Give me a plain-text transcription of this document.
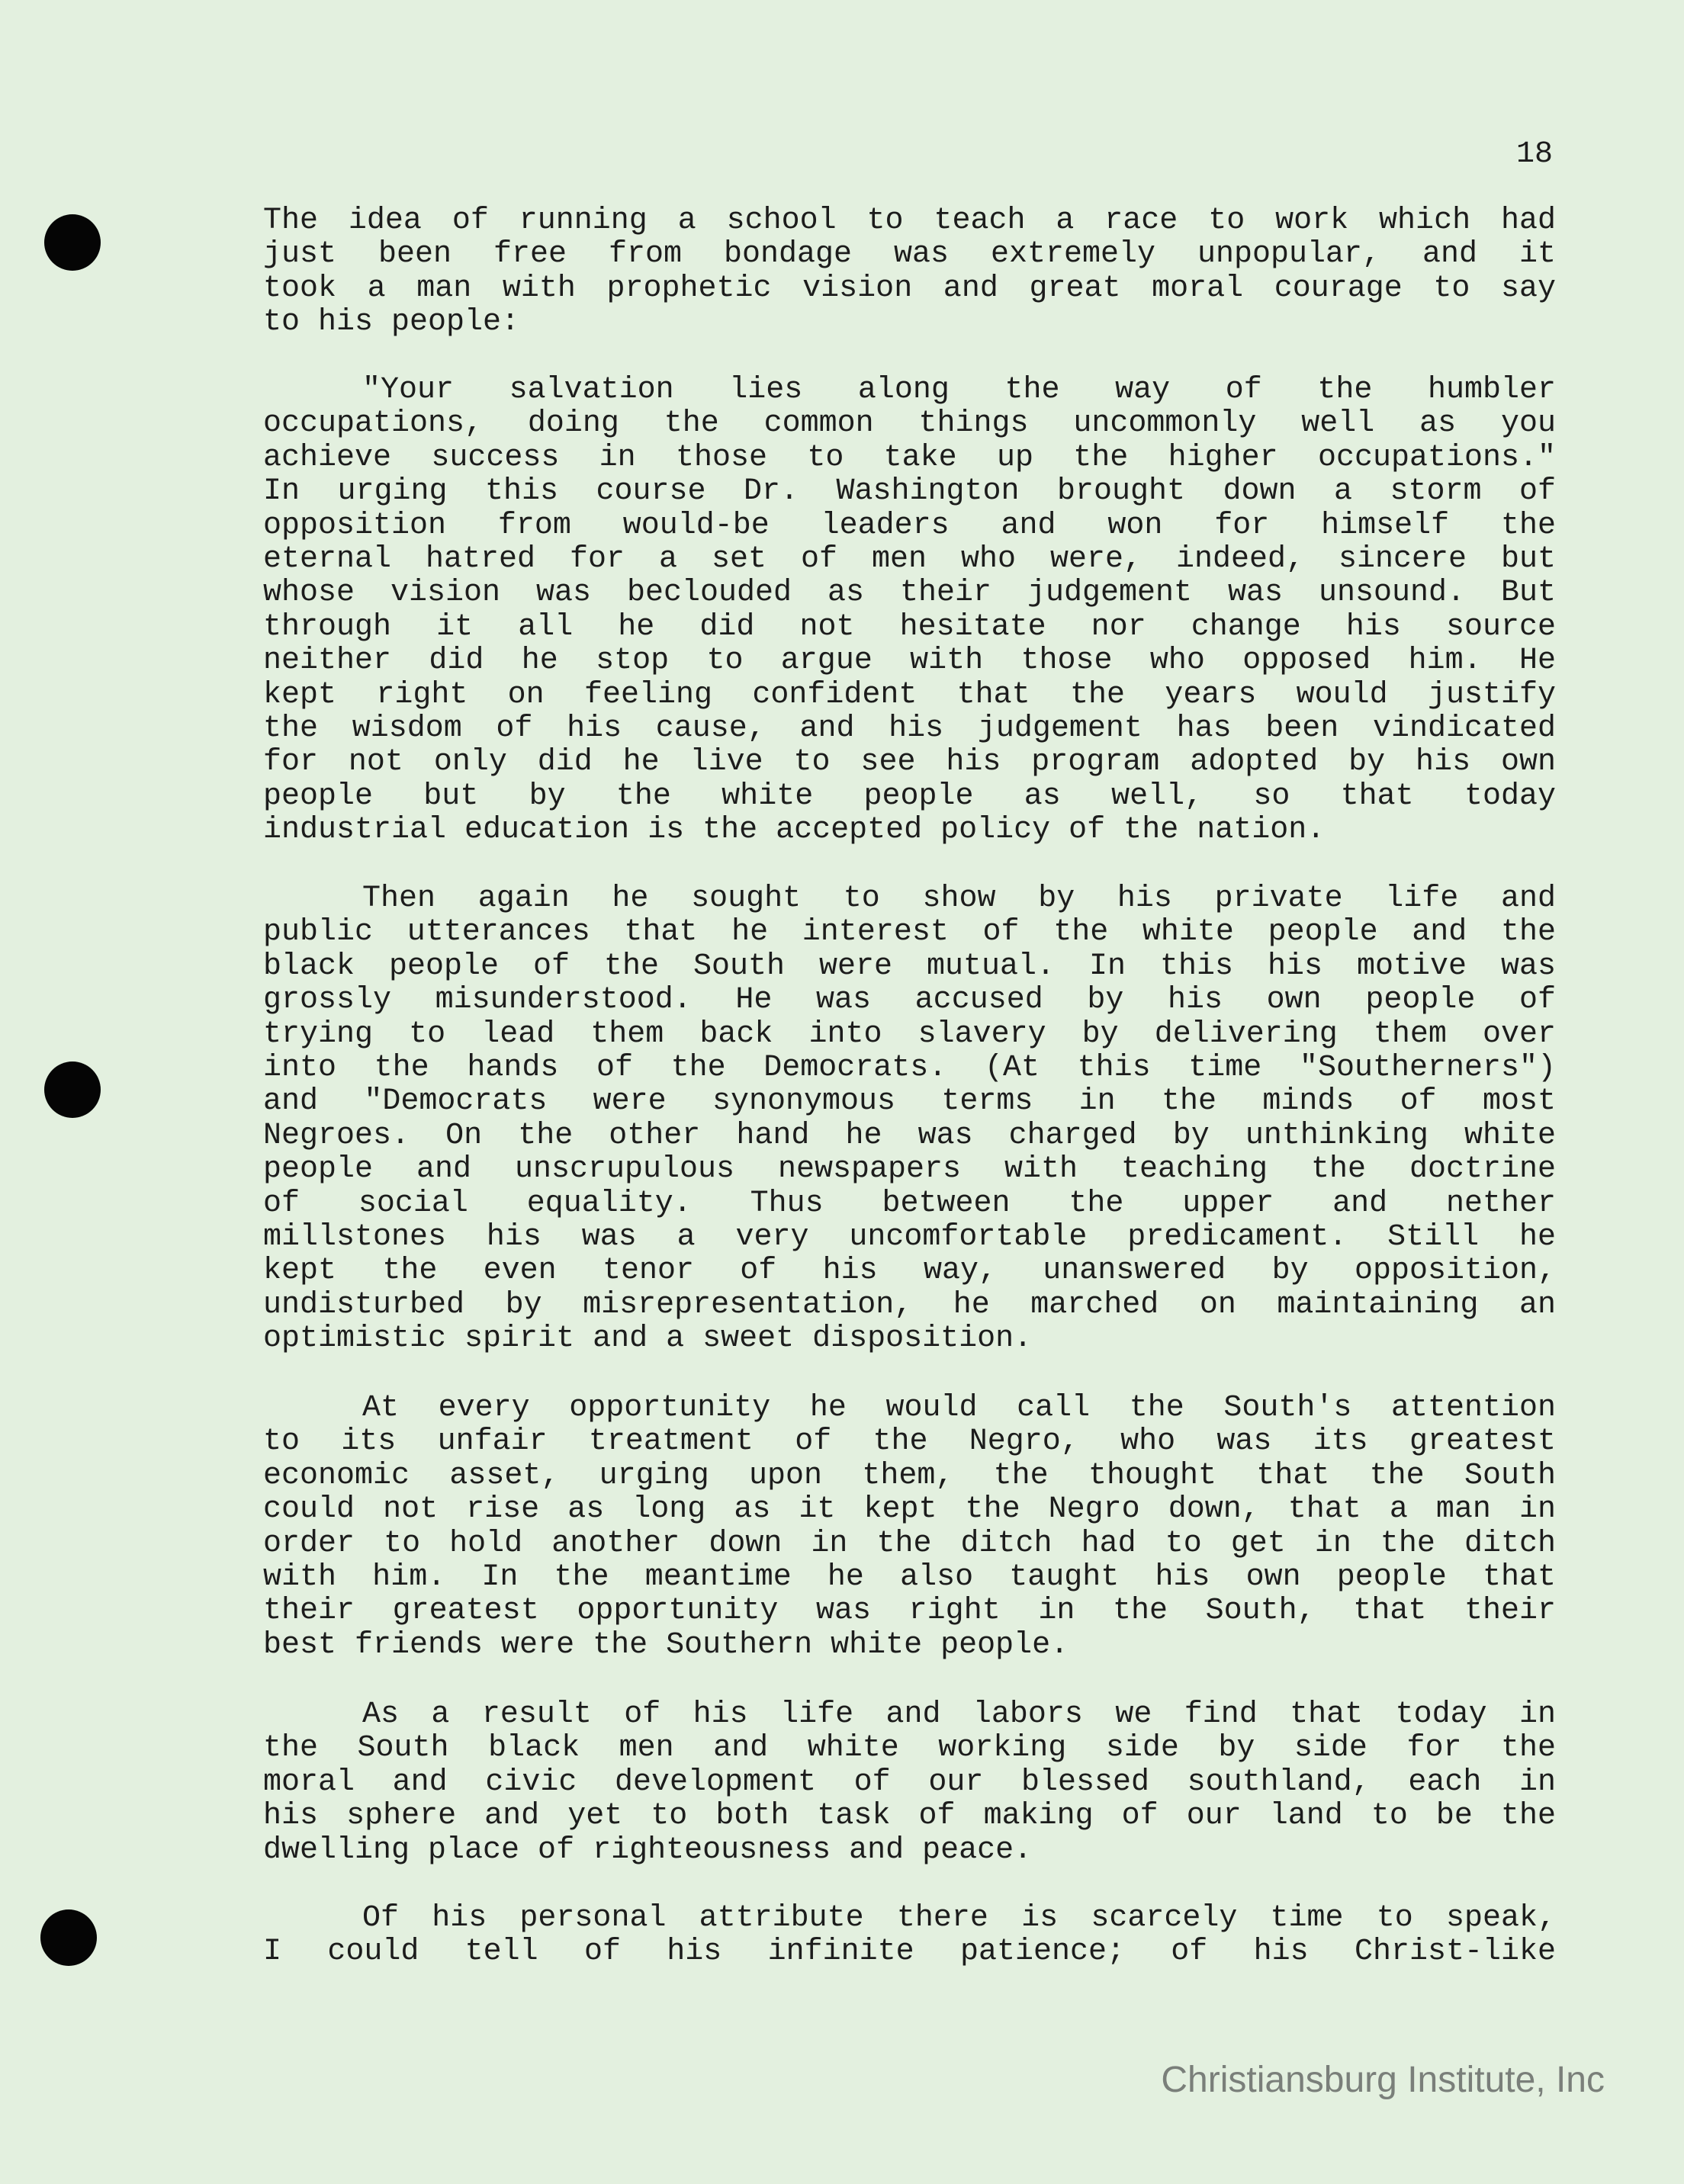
18
The idea of running a school to teach a race to work which had
just been free from bondage was extremely unpopular, and it
took a man with prophetic vision and great moral courage to say
to his people:
"Your salvation lies along the way of the humbler
occupations, doing the common things uncommonly well as you
achieve success in those to take up the higher occupations."
In urging this course Dr. Washington brought down a storm of
opposition from would-be leaders and won for himself the
eternal hatred for a set of men who were, indeed, sincere but
whose vision was beclouded as their judgement was unsound. But
through it all he did not hesitate nor change his source
neither did he stop to argue with those who opposed him. He
kept right on feeling confident that the years would justify
the wisdom of his cause, and his judgement has been vindicated
for not only did he live to see his program adopted by his own
people but by the white people as well, so that today
industrial education is the accepted policy of the nation.
Then again he sought to show by his private life and
public utterances that he interest of the white people and the
black people of the South were mutual. In this his motive was
grossly misunderstood. He was accused by his own people of
trying to lead them back into slavery by delivering them over
into the hands of the Democrats. (At this time "Southerners")
and "Democrats were synonymous terms in the minds of most
Negroes. On the other hand he was charged by unthinking white
people and unscrupulous newspapers with teaching the doctrine
of social equality. Thus between the upper and nether
millstones his was a very uncomfortable predicament. Still he
kept the even tenor of his way, unanswered by opposition,
undisturbed by misrepresentation, he marched on maintaining an
optimistic spirit and a sweet disposition.
At every opportunity he would call the South's attention
to its unfair treatment of the Negro, who was its greatest
economic asset, urging upon them, the thought that the South
could not rise as long as it kept the Negro down, that a man in
order to hold another down in the ditch had to get in the ditch
with him. In the meantime he also taught his own people that
their greatest opportunity was right in the South, that their
best friends were the Southern white people.
As a result of his life and labors we find that today in
the South black men and white working side by side for the
moral and civic development of our blessed southland, each in
his sphere and yet to both task of making of our land to be the
dwelling place of righteousness and peace.
Of his personal attribute there is scarcely time to speak,
I could tell of his infinite patience; of his Christ-like
Christiansburg Institute, Inc
